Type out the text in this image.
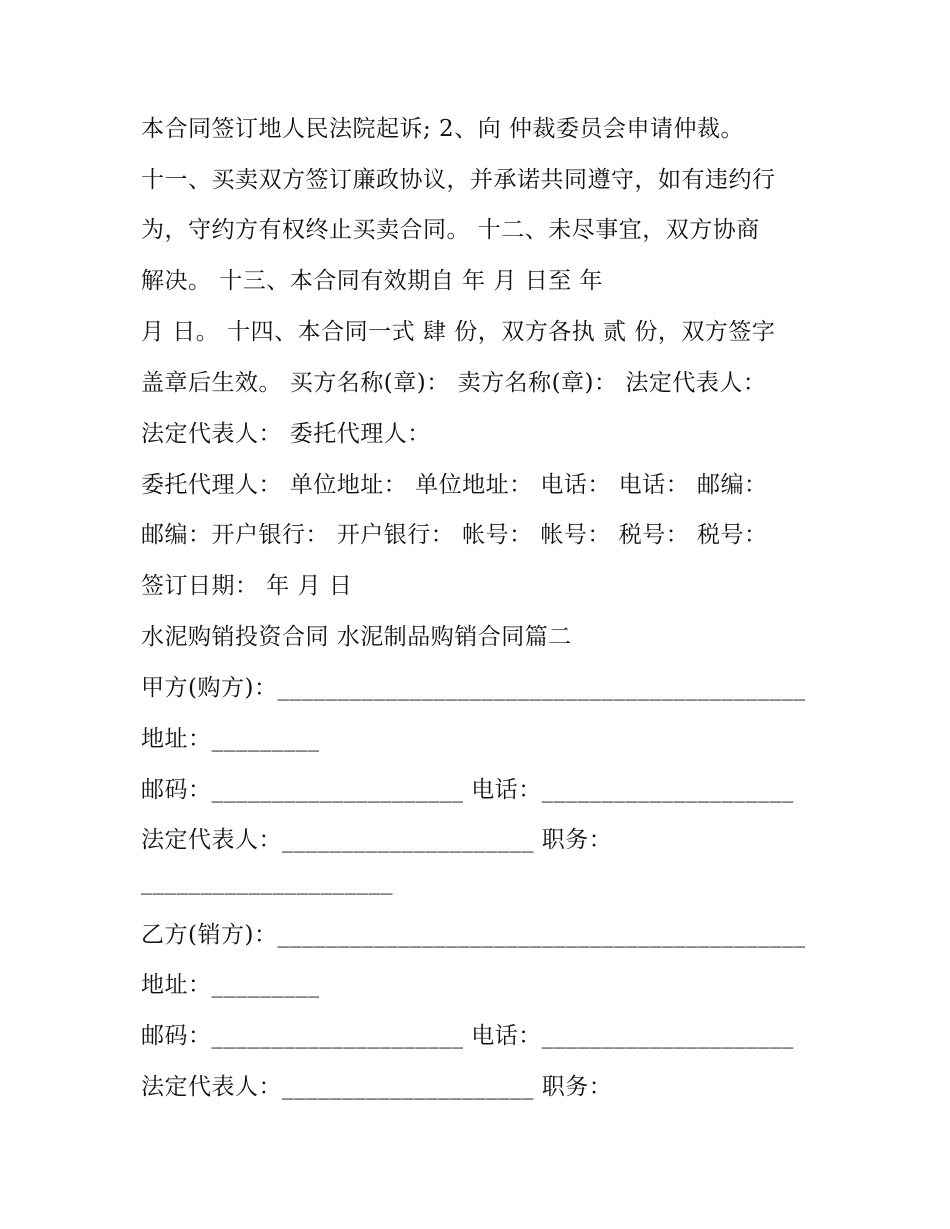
本合同签订地人民法院起诉; 2、向 仲裁委员会申请仲裁。
十一、买卖双方签订廉政协议，并承诺共同遵守，如有违约行
为，守约方有权终止买卖合同。 十二、未尽事宜，双方协商
解决。 十三、本合同有效期自 年 月 日至 年
月 日。 十四、本合同一式 肆 份，双方各执 贰 份，双方签字
盖章后生效。 买方名称(章)： 卖方名称(章)： 法定代表人：
法定代表人： 委托代理人：
委托代理人： 单位地址： 单位地址： 电话： 电话： 邮编：
邮编：开户银行： 开户银行： 帐号： 帐号： 税号： 税号：
签订日期： 年 月 日
水泥购销投资合同 水泥制品购销合同篇二
甲方(购方)：____________________________________________
地址：_________
邮码：_____________________ 电话：_____________________
法定代表人：_____________________ 职务：
_____________________
乙方(销方)：____________________________________________
地址：_________
邮码：_____________________ 电话：_____________________
法定代表人：_____________________ 职务：
